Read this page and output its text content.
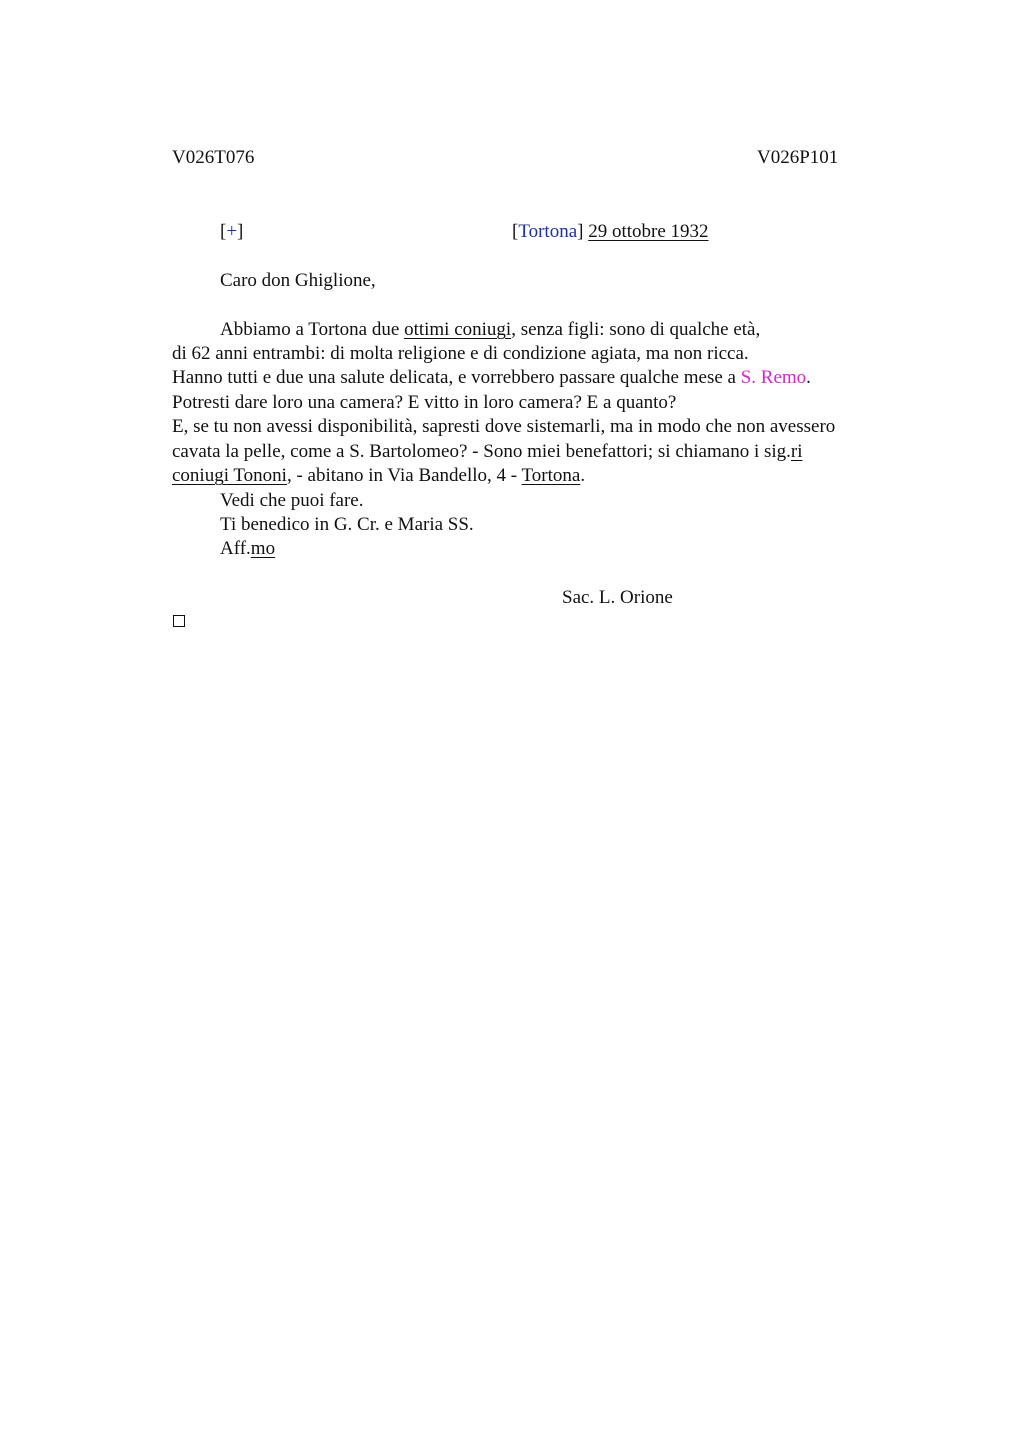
V026T076	V026P101
[+]	[Tortona] 29 ottobre 1932
Caro don Ghiglione,
Abbiamo a Tortona due ottimi coniugi, senza figli: sono di qualche età,
di 62 anni entrambi: di molta religione e di condizione agiata, ma non ricca.
Hanno tutti e due una salute delicata, e vorrebbero passare qualche mese a S. Remo.
Potresti dare loro una camera? E vitto in loro camera? E a quanto?
E, se tu non avessi disponibilità, sapresti dove sistemarli, ma in modo che non avessero
cavata la pelle, come a S. Bartolomeo? - Sono miei benefattori; si chiamano i sig.ri
coniugi Tononi, - abitano in Via Bandello, 4 - Tortona.
Vedi che puoi fare.
Ti benedico in G. Cr. e Maria SS.
Aff.mo
Sac. L. Orione
